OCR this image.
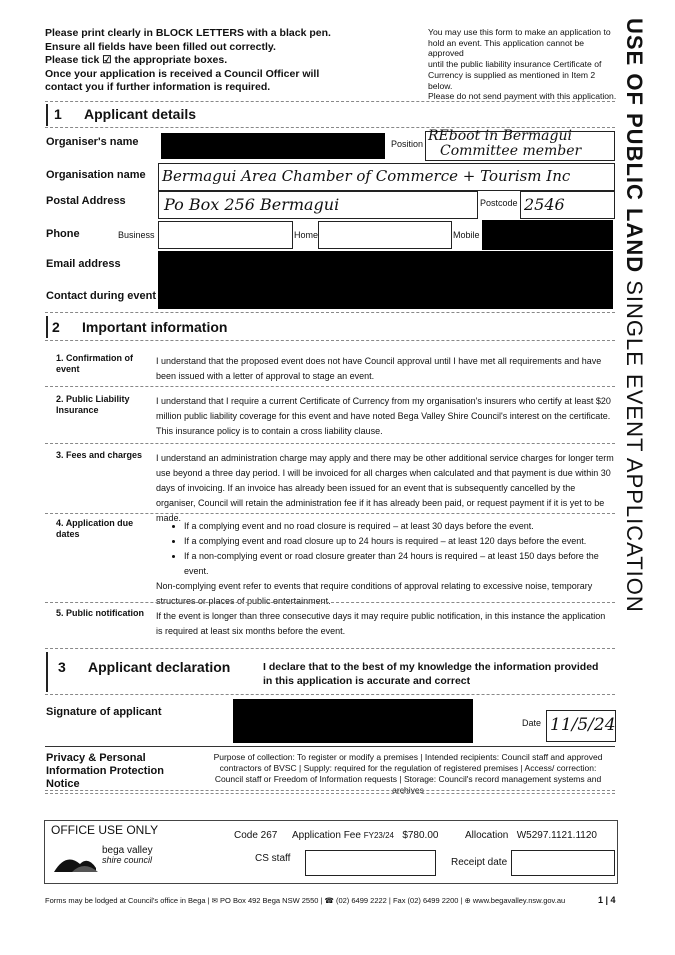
Please print clearly in BLOCK LETTERS with a black pen.
Ensure all fields have been filled out correctly.
Please tick ☑ the appropriate boxes.
Once your application is received a Council Officer will
contact you if further information is required.
You may use this form to make an application to
hold an event. This application cannot be approved
until the public liability insurance Certificate of
Currency is supplied as mentioned in Item 2 below.
Please do not send payment with this application. USE OF PUBLIC LAND SINGLE EVENT APPLICATION
1 Applicant details
Organiser's name	Position REboot in Bermagui
Committee member
Organisation name Bermagui Area Chamber of Commerce + Tourism Inc
Postal Address Po Box 256 Bermagui	Postcode 2546
Phone	Business	Home	Mobile
Email address
Contact during event
2 Important information
1. Confirmation of event
I understand that the proposed event does not have Council approval until I have met all requirements and have been issued with a letter of approval to stage an event.
2. Public Liability Insurance
I understand that I require a current Certificate of Currency from my organisation's insurers who certify at least $20 million public liability coverage for this event and have noted Bega Valley Shire Council's interest on the certificate. This insurance policy is to contain a cross liability clause.
3. Fees and charges	I understand an administration charge may apply and there may be other additional service charges for longer term use beyond a three day period. I will be invoiced for all charges when calculated and that payment is due within 30 days of invoicing. If an invoice has already been issued for an event that is subsequently cancelled by the organiser, Council will retain the administration fee if it has already been paid, or request payment if it is yet to be made.
4. Application due dates
• If a complying event and no road closure is required – at least 30 days before the event.
• If a complying event and road closure up to 24 hours is required – at least 120 days before the event.
• If a non-complying event or road closure greater than 24 hours is required – at least 150 days before the event.
Non-complying event refer to events that require conditions of approval relating to excessive noise, temporary structures or places of public entertainment.
5. Public notification	If the event is longer than three consecutive days it may require public notification, in this instance the application is required at least six months before the event.
3 Applicant declaration	I declare that to the best of my knowledge the information provided in this application is accurate and correct
Signature of applicant
Date 11/5/24
Privacy & Personal Information Protection Notice
Purpose of collection: To register or modify a premises | Intended recipients: Council staff and approved contractors of BVSC | Supply: required for the regulation of registered premises | Access/ correction: Council staff or Freedom of Information requests | Storage: Council's record management systems and archives
OFFICE USE ONLY
bega valley
shire council
Code 267 Application Fee FY23/24 $780.00	Allocation   W5297.1121.1120
CS staff	Receipt date
Forms may be lodged at Council's office in Bega | ✉ PO Box 492 Bega NSW 2550 | ☎ (02) 6499 2222 | Fax (02) 6499 2200 | ⊕ www.begavalley.nsw.gov.au	1 | 4
